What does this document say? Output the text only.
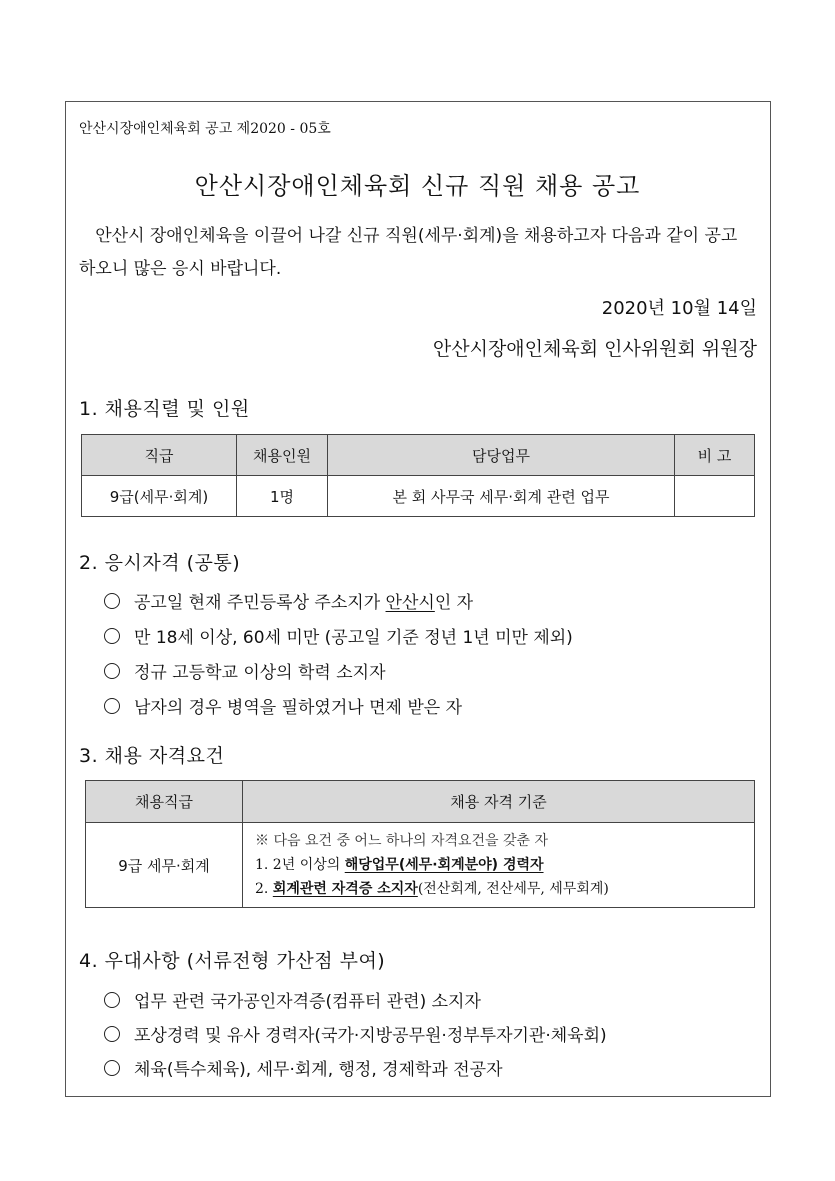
안산시장애인체육회 공고 제2020 - 05호
안산시장애인체육회 신규 직원 채용 공고
안산시 장애인체육을 이끌어 나갈 신규 직원(세무·회계)을 채용하고자 다음과 같이 공고하오니 많은 응시 바랍니다.
2020년 10월 14일
안산시장애인체육회 인사위원회 위원장
1. 채용직렬 및 인원
직급	채용인원	담당업무	비 고
9급(세무·회계)	1명	본 회 사무국 세무·회계 관련 업무	
2. 응시자격 (공통)
공고일 현재 주민등록상 주소지가 안산시인 자
만 18세 이상, 60세 미만 (공고일 기준 정년 1년 미만 제외)
정규 고등학교 이상의 학력 소지자
남자의 경우 병역을 필하였거나 면제 받은 자
3. 채용 자격요건
채용직급	채용 자격 기준
9급 세무·회계	※ 다음 요건 중 어느 하나의 자격요건을 갖춘 자
1. 2년 이상의 해당업무(세무·회계분야) 경력자
2. 회계관련 자격증 소지자(전산회계, 전산세무, 세무회계)
4. 우대사항 (서류전형 가산점 부여)
업무 관련 국가공인자격증(컴퓨터 관련) 소지자
포상경력 및 유사 경력자(국가·지방공무원·정부투자기관·체육회)
체육(특수체육), 세무·회계, 행정, 경제학과 전공자
